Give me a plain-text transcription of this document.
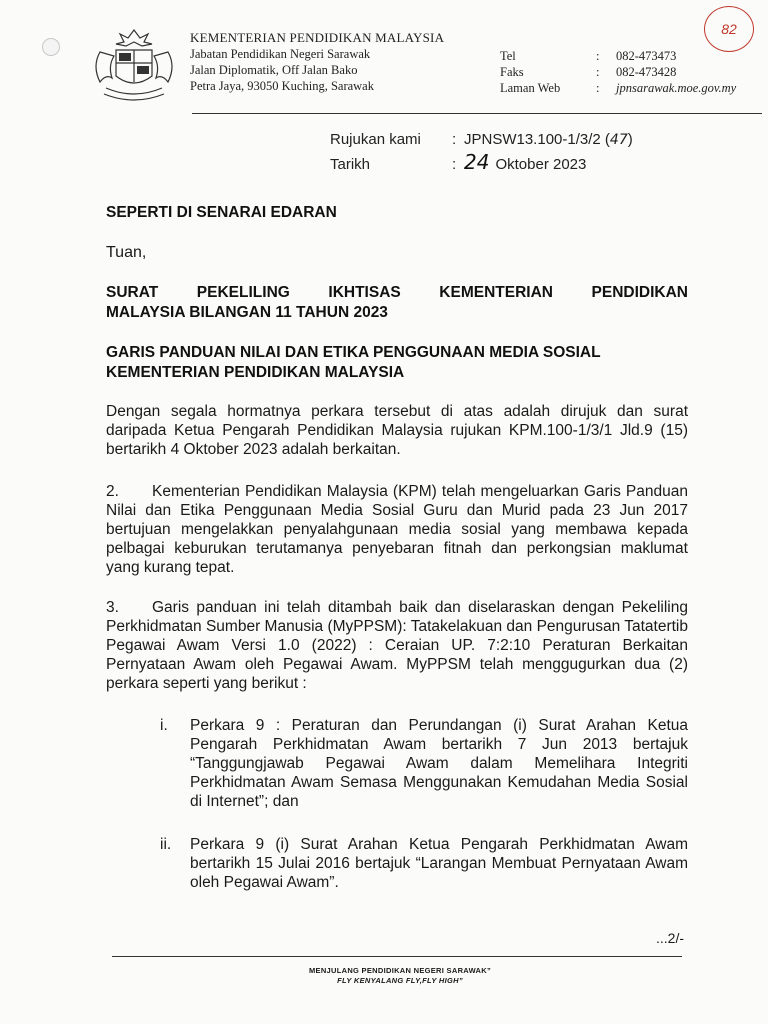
82
KEMENTERIAN PENDIDIKAN MALAYSIA
Jabatan Pendidikan Negeri Sarawak
Jalan Diplomatik, Off Jalan Bako
Petra Jaya, 93050 Kuching, Sarawak
Tel	:	082-473473
Faks	:	082-473428
Laman Web	:	jpnsarawak.moe.gov.my
Rujukan kami	: JPNSW13.100-1/3/2 ( 47 )
Tarikh	: 24 Oktober 2023
SEPERTI DI SENARAI EDARAN
Tuan,
SURAT PEKELILING IKHTISAS KEMENTERIAN PENDIDIKAN
MALAYSIA BILANGAN 11 TAHUN 2023
GARIS PANDUAN NILAI DAN ETIKA PENGGUNAAN MEDIA SOSIAL
KEMENTERIAN PENDIDIKAN MALAYSIA
Dengan segala hormatnya perkara tersebut di atas adalah dirujuk dan surat daripada Ketua Pengarah Pendidikan Malaysia rujukan KPM.100-1/3/1 Jld.9 (15) bertarikh 4 Oktober 2023 adalah berkaitan.
2. Kementerian Pendidikan Malaysia (KPM) telah mengeluarkan Garis Panduan Nilai dan Etika Penggunaan Media Sosial Guru dan Murid pada 23 Jun 2017 bertujuan mengelakkan penyalahgunaan media sosial yang membawa kepada pelbagai keburukan terutamanya penyebaran fitnah dan perkongsian maklumat yang kurang tepat.
3. Garis panduan ini telah ditambah baik dan diselaraskan dengan Pekeliling Perkhidmatan Sumber Manusia (MyPPSM): Tatakelakuan dan Pengurusan Tatatertib Pegawai Awam Versi 1.0 (2022) : Ceraian UP. 7:2:10 Peraturan Berkaitan Pernyataan Awam oleh Pegawai Awam. MyPPSM telah menggugurkan dua (2) perkara seperti yang berikut :
i.	Perkara 9 : Peraturan dan Perundangan (i) Surat Arahan Ketua Pengarah Perkhidmatan Awam bertarikh 7 Jun 2013 bertajuk “Tanggungjawab Pegawai Awam dalam Memelihara Integriti Perkhidmatan Awam Semasa Menggunakan Kemudahan Media Sosial di Internet”; dan
ii.	Perkara 9 (i) Surat Arahan Ketua Pengarah Perkhidmatan Awam bertarikh 15 Julai 2016 bertajuk “Larangan Membuat Pernyataan Awam oleh Pegawai Awam”.
...2/-
MENJULANG PENDIDIKAN NEGERI SARAWAK”
FLY KENYALANG FLY,FLY HIGH”
